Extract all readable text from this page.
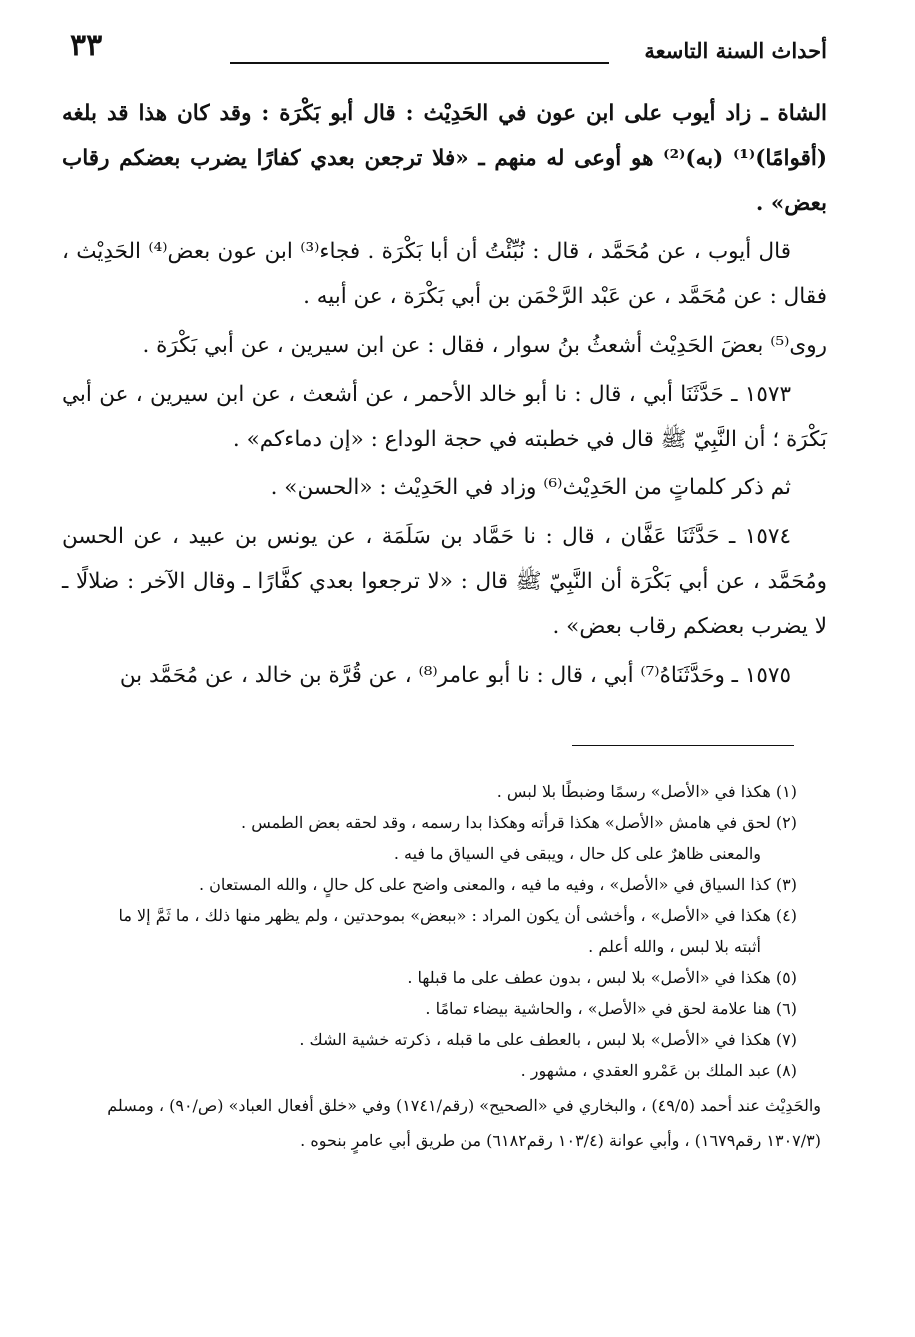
٣٣	أحداث السنة التاسعة

الشاة ـ زاد أيوب على ابن عون في الحَدِيْث : قال أبو بَكْرَة : وقد كان هذا قد بلغه (أقوامًا)⁽¹⁾ (به)⁽²⁾ هو أوعى له منهم ـ «فلا ترجعن بعدي كفارًا يضرب بعضكم رقاب بعض» .

قال أيوب ، عن مُحَمَّد ، قال : نُبِّئْتُ أن أبا بَكْرَة . فجاء⁽³⁾ ابن عون بعض⁽⁴⁾ الحَدِيْث ، فقال : عن مُحَمَّد ، عن عَبْد الرَّحْمَن بن أبي بَكْرَة ، عن أبيه .

روى⁽⁵⁾ بعضَ الحَدِيْث أشعثُ بنُ سوار ، فقال : عن ابن سيرين ، عن أبي بَكْرَة .

١٥٧٣ ـ حَدَّثَنَا أبي ، قال : نا أبو خالد الأحمر ، عن أشعث ، عن ابن سيرين ، عن أبي بَكْرَة ؛ أن النَّبِيّ ﷺ قال في خطبته في حجة الوداع : «إن دماءكم» .

ثم ذكر كلماتٍ من الحَدِيْث⁽⁶⁾ وزاد في الحَدِيْث : «الحسن» .

١٥٧٤ ـ حَدَّثَنَا عَفَّان ، قال : نا حَمَّاد بن سَلَمَة ، عن يونس بن عبيد ، عن الحسن ومُحَمَّد ، عن أبي بَكْرَة أن النَّبِيّ ﷺ قال : «لا ترجعوا بعدي كفَّارًا ـ وقال الآخر : ضلالًا ـ لا يضرب بعضكم رقاب بعض» .

١٥٧٥ ـ وحَدَّثَنَاهُ⁽⁷⁾ أبي ، قال : نا أبو عامر⁽⁸⁾ ، عن قُرَّة بن خالد ، عن مُحَمَّد بن

(١) هكذا في «الأصل» رسمًا وضبطًا بلا لبس .

(٢) لحق في هامش «الأصل» هكذا قرأته وهكذا بدا رسمه ، وقد لحقه بعض الطمس .

والمعنى ظاهرٌ على كل حال ، ويبقى في السياق ما فيه .

(٣) كذا السياق في «الأصل» ، وفيه ما فيه ، والمعنى واضح على كل حالٍ ، والله المستعان .

(٤) هكذا في «الأصل» ، وأخشى أن يكون المراد : «ببعض» بموحدتين ، ولم يظهر منها ذلك ، ما ثَمَّ إلا ما

أثبته بلا لبس ، والله أعلم .

(٥) هكذا في «الأصل» بلا لبس ، بدون عطف على ما قبلها .

(٦) هنا علامة لحق في «الأصل» ، والحاشية بيضاء تمامًا .

(٧) هكذا في «الأصل» بلا لبس ، بالعطف على ما قبله ، ذكرته خشية الشك .

(٨) عبد الملك بن عَمْرو العقدي ، مشهور .

والحَدِيْث عند أحمد (٤٩/٥) ، والبخاري في «الصحيح» (رقم/١٧٤١) وفي «خلق أفعال العباد» (ص/٩٠) ، ومسلم (١٣٠٧/٣ رقم١٦٧٩) ، وأبي عوانة (١٠٣/٤ رقم٦١٨٢) من طريق أبي عامرٍ بنحوه .
